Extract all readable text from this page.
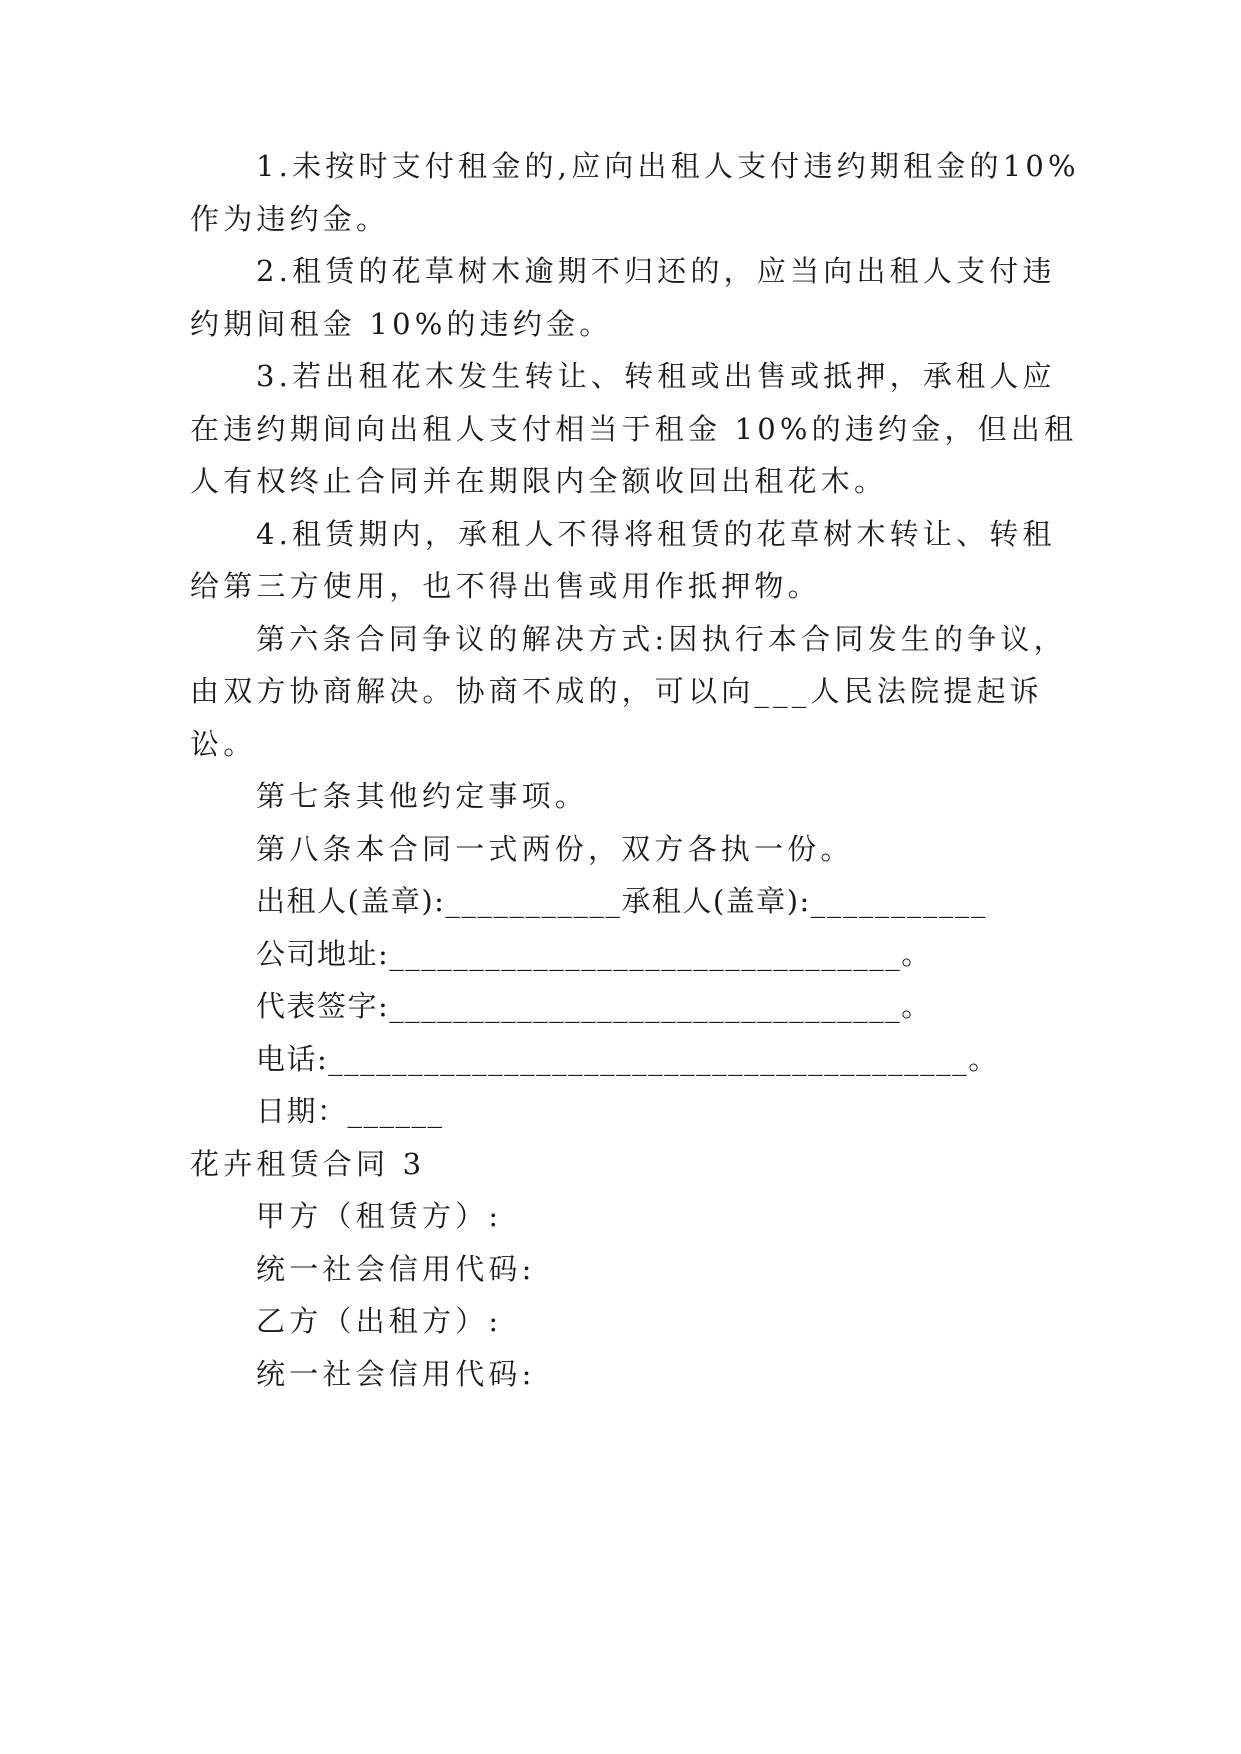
1.未按时支付租金的,应向出租人支付违约期租金的10%
作为违约金。
2.租赁的花草树木逾期不归还的，应当向出租人支付违
约期间租金 10%的违约金。
3.若出租花木发生转让、转租或出售或抵押，承租人应
在违约期间向出租人支付相当于租金 10%的违约金，但出租
人有权终止合同并在期限内全额收回出租花木。
4.租赁期内，承租人不得将租赁的花草树木转让、转租
给第三方使用，也不得出售或用作抵押物。
第六条合同争议的解决方式:因执行本合同发生的争议，
由双方协商解决。协商不成的，可以向___人民法院提起诉
讼。
第七条其他约定事项。
第八条本合同一式两份，双方各执一份。
出租人(盖章):___________承租人(盖章):___________
公司地址:________________________________。
代表签字:________________________________。
电话:________________________________________。
日期：______
花卉租赁合同 3
甲方（租赁方）:
统一社会信用代码:
乙方（出租方）:
统一社会信用代码:
